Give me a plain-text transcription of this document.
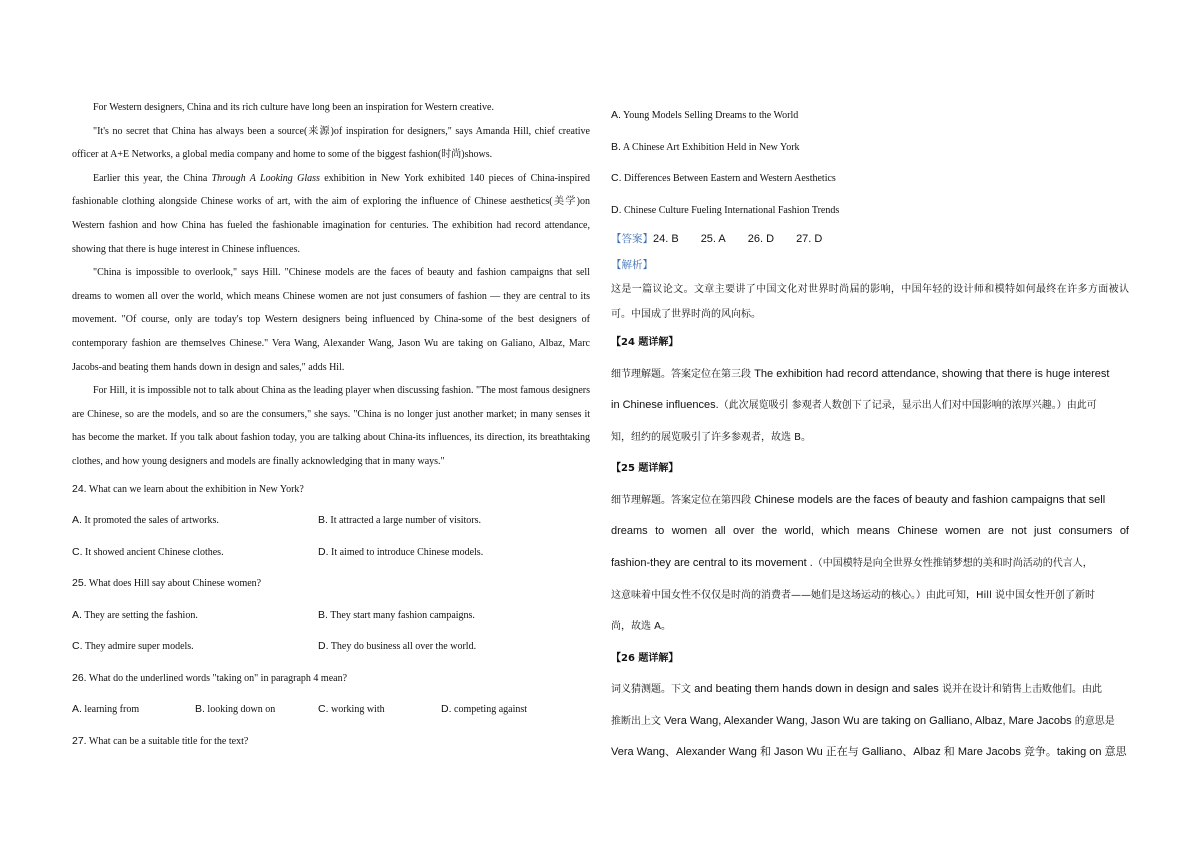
For Western designers, China and its rich culture have long been an inspiration for Western creative.

"It's no secret that China has always been a source(来源)of inspiration for designers," says Amanda Hill, chief creative officer at A+E Networks, a global media company and home to some of the biggest fashion(时尚)shows.

Earlier this year, the China Through A Looking Glass exhibition in New York exhibited 140 pieces of China-inspired fashionable clothing alongside Chinese works of art, with the aim of exploring the influence of Chinese aesthetics(美学)on Western fashion and how China has fueled the fashionable imagination for centuries. The exhibition had record attendance, showing that there is huge interest in Chinese influences.

"China is impossible to overlook," says Hill. "Chinese models are the faces of beauty and fashion campaigns that sell dreams to women all over the world, which means Chinese women are not just consumers of fashion — they are central to its movement. "Of course, only are today's top Western designers being influenced by China-some of the best designers of contemporary fashion are themselves Chinese." Vera Wang, Alexander Wang, Jason Wu are taking on Galiano, Albaz, Marc Jacobs-and beating them hands down in design and sales," adds Hil.

For Hill, it is impossible not to talk about China as the leading player when discussing fashion. "The most famous designers are Chinese, so are the models, and so are the consumers," she says. "China is no longer just another market; in many senses it has become the market. If you talk about fashion today, you are talking about China-its influences, its direction, its breathtaking clothes, and how young designers and models are finally acknowledging that in many ways."

24. What can we learn about the exhibition in New York?

A. It promoted the sales of artworks.	B. It attracted a large number of visitors.
C. It showed ancient Chinese clothes.	D. It aimed to introduce Chinese models.

25. What does Hill say about Chinese women?

A. They are setting the fashion.	B. They start many fashion campaigns.
C. They admire super models.	D. They do business all over the world.

26. What do the underlined words "taking on" in paragraph 4 mean?

A. learning from	B. looking down on	C. working with	D. competing against

27. What can be a suitable title for the text?

A. Young Models Selling Dreams to the World

B. A Chinese Art Exhibition Held in New York

C. Differences Between Eastern and Western Aesthetics

D. Chinese Culture Fueling International Fashion Trends

【答案】24. B 25. A 26. D 27. D

【解析】

这是一篇议论文。文章主要讲了中国文化对世界时尚届的影响，中国年轻的设计师和模特如何最终在许多方面被认可。中国成了世界时尚的风向标。

【24 题详解】

细节理解题。答案定位在第三段 The exhibition had record attendance, showing that there is huge interest
in Chinese influences.（此次展览吸引 参观者人数创下了记录，显示出人们对中国影响的浓厚兴趣。）由此可
知，纽约的展览吸引了许多参观者，故选 B。

【25 题详解】

细节理解题。答案定位在第四段 Chinese models are the faces of beauty and fashion campaigns that sell
dreams to women all over the world, which means Chinese women are not just consumers of
fashion-they are central to its movement .（中国模特是向全世界女性推销梦想的美和时尚活动的代言人，
这意味着中国女性不仅仅是时尚的消费者——她们是这场运动的核心。）由此可知，Hill 说中国女性开创了新时
尚，故选 A。

【26 题详解】

词义猜测题。下文 and beating them hands down in design and sales 说并在设计和销售上击败他们。由此
推断出上文 Vera Wang, Alexander Wang, Jason Wu are taking on Galliano, Albaz, Mare Jacobs 的意思是
Vera Wang、Alexander Wang 和 Jason Wu 正在与 Galliano、Albaz 和 Mare Jacobs 竞争。taking on 意思
